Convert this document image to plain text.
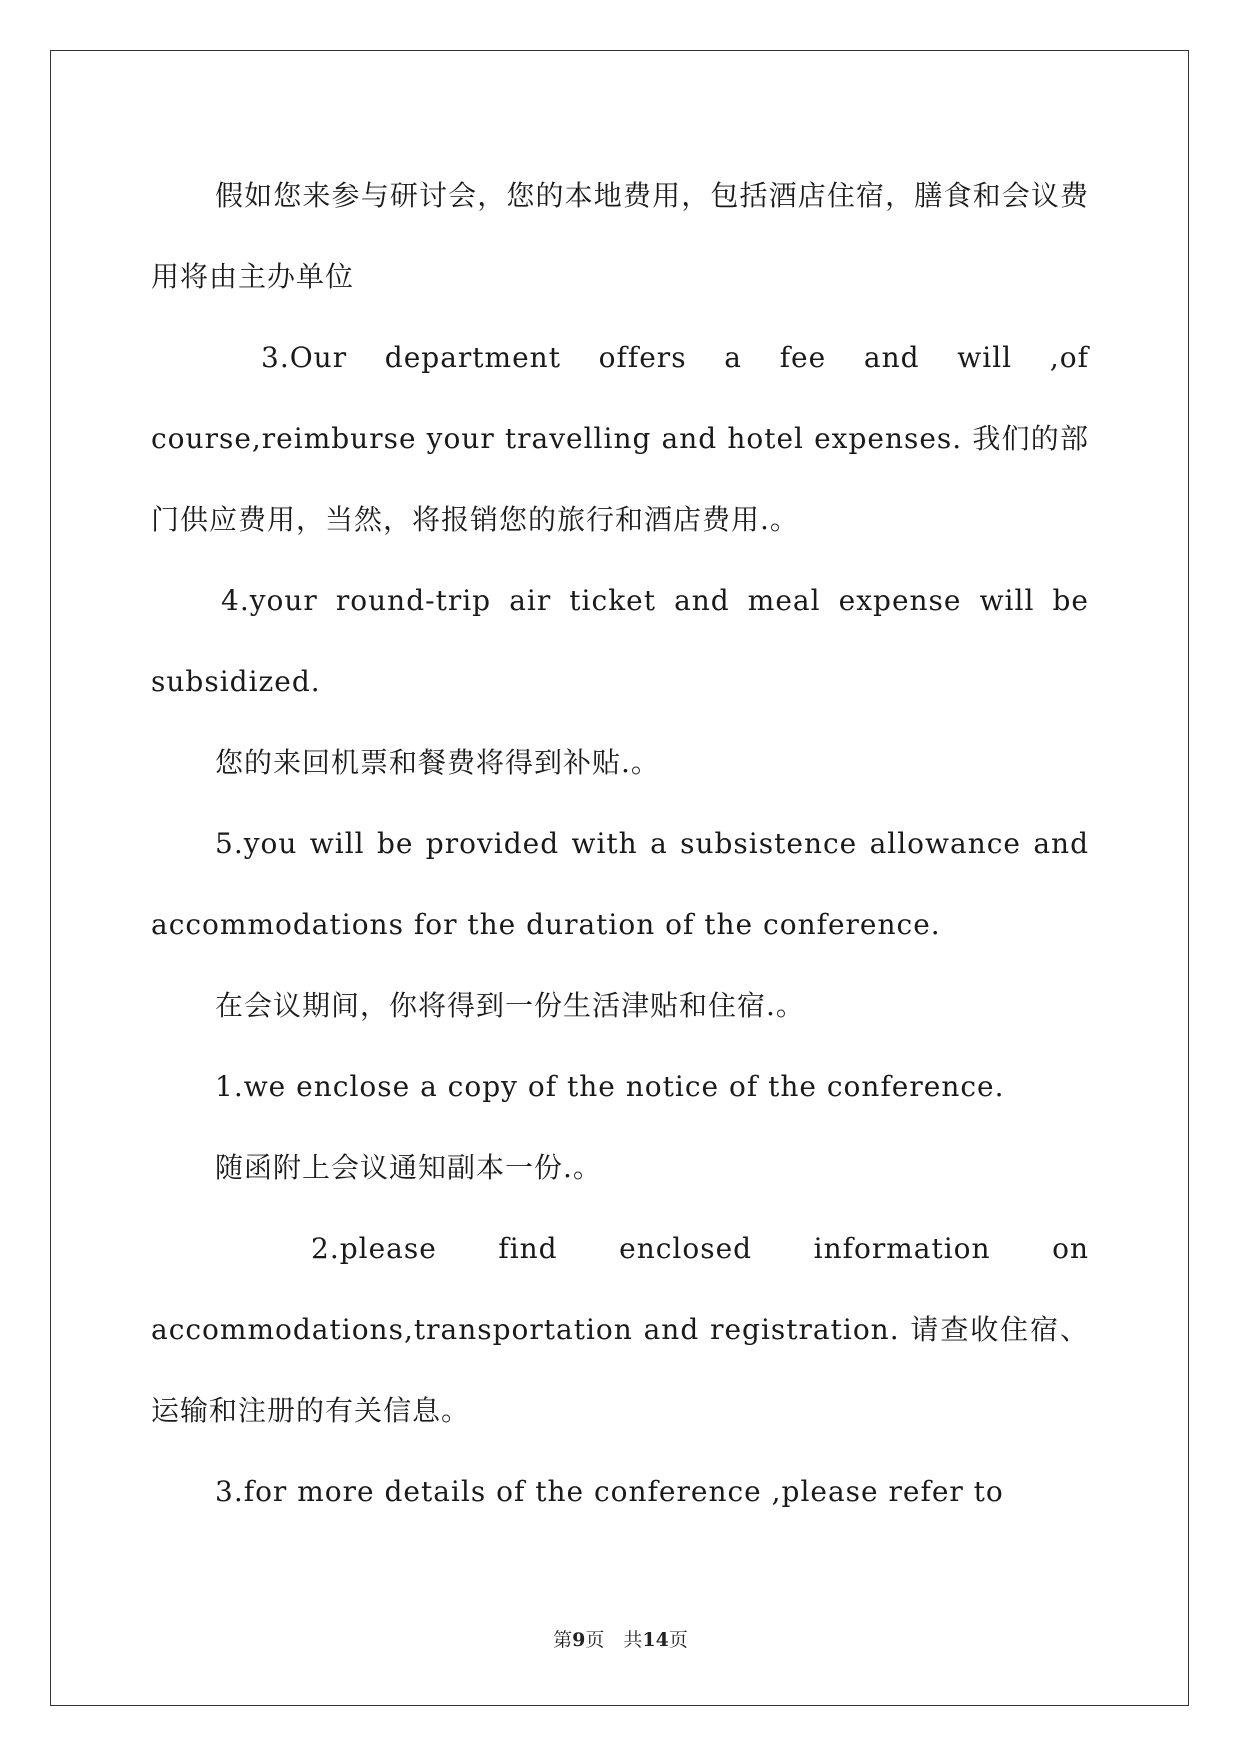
假如您来参与研讨会，您的本地费用，包括酒店住宿，膳食和会议费用将由主办单位

3.Our department offers a fee and will ,of

course,reimburse your travelling and hotel expenses. 我们的部门供应费用，当然，将报销您的旅行和酒店费用.。

4.your round-trip air ticket and meal expense will be subsidized.

您的来回机票和餐费将得到补贴.。

5.you will be provided with a subsistence allowance and accommodations for the duration of the conference.

在会议期间，你将得到一份生活津贴和住宿.。

1.we enclose a copy of the notice of the conference.

随函附上会议通知副本一份.。

2.please find enclosed information on

accommodations,transportation and registration. 请查收住宿、运输和注册的有关信息。

3.for more details of the conference ,please refer to

第9页　共14页
